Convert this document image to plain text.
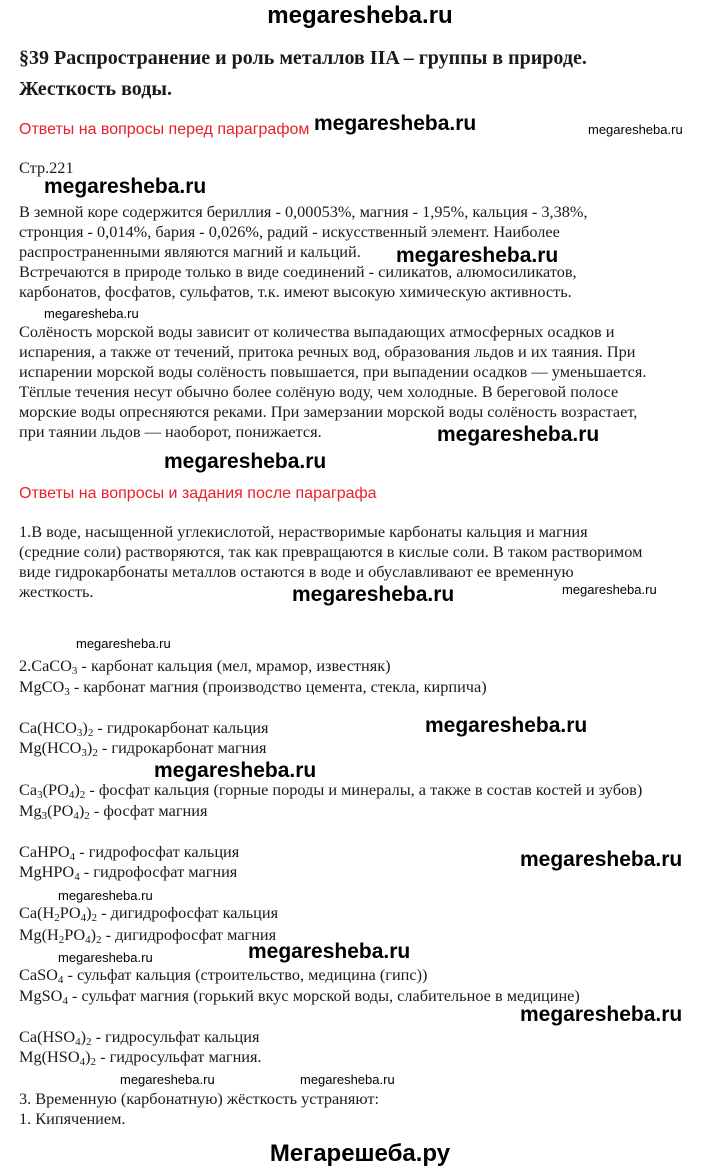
megaresheba.ru
§39 Распространение и роль металлов IIA – группы в природе.
Жесткость воды.
Ответы на вопросы перед параграфом megaresheba.ru	megaresheba.ru
Стр.221
megaresheba.ru
В земной коре содержится бериллия - 0,00053%, магния - 1,95%, кальция - 3,38%,
стронция - 0,014%, бария - 0,026%, радий - искусственный элемент. Наиболее
распространенными являются магний и кальций. megaresheba.ru
Встречаются в природе только в виде соединений - силикатов, алюмосиликатов,
карбонатов, фосфатов, сульфатов, т.к. имеют высокую химическую активность.
megaresheba.ru
Солёность морской воды зависит от количества выпадающих атмосферных осадков и
испарения, а также от течений, притока речных вод, образования льдов и их таяния. При
испарении морской воды солёность повышается, при выпадении осадков — уменьшается.
Тёплые течения несут обычно более солёную воду, чем холодные. В береговой полосе
морские воды опресняются реками. При замерзании морской воды солёность возрастает,
при таянии льдов — наоборот, понижается.	megaresheba.ru
megaresheba.ru
Ответы на вопросы и задания после параграфа
1.В воде, насыщенной углекислотой, нерастворимые карбонаты кальция и магния
(средние соли) растворяются, так как превращаются в кислые соли. В таком растворимом
виде гидрокарбонаты металлов остаются в воде и обуславливают ее временную
жесткость.	megaresheba.ru	megaresheba.ru
megaresheba.ru
2.CaCO$_3$ - карбонат кальция (мел, мрамор, известняк)
MgCO$_3$ - карбонат магния (производство цемента, стекла, кирпича)
$Ca(HCO_3)_2$ - гидрокарбонат кальция	megaresheba.ru
$Mg(HCO_3)_2$ - гидрокарбонат магния
megaresheba.ru
$Ca_3(PO_4)_2$ - фосфат кальция (горные породы и минералы, а также в состав костей и зубов)
$Mg_3(PO_4)_2$ - фосфат магния
CaHPO$_4$ - гидрофосфат кальция	megaresheba.ru
MgHPO$_4$ - гидрофосфат магния
megaresheba.ru
$Ca(H_2PO_4)_2$ - дигидрофосфат кальция
$Mg(H_2PO_4)_2$ - дигидрофосфат магния
megaresheba.ru
megaresheba.ru
CaSO$_4$ - сульфат кальция (строительство, медицина (гипс))
MgSO$_4$ - сульфат магния (горький вкус морской воды, слабительное в медицине)
megaresheba.ru
$Ca(HSO_4)_2$ - гидросульфат кальция
$Mg(HSO_4)_2$ - гидросульфат магния.
megaresheba.ru	megaresheba.ru
3. Временную (карбонатную) жёсткость устраняют:
1. Кипячением.
Мегарешеба.ру
